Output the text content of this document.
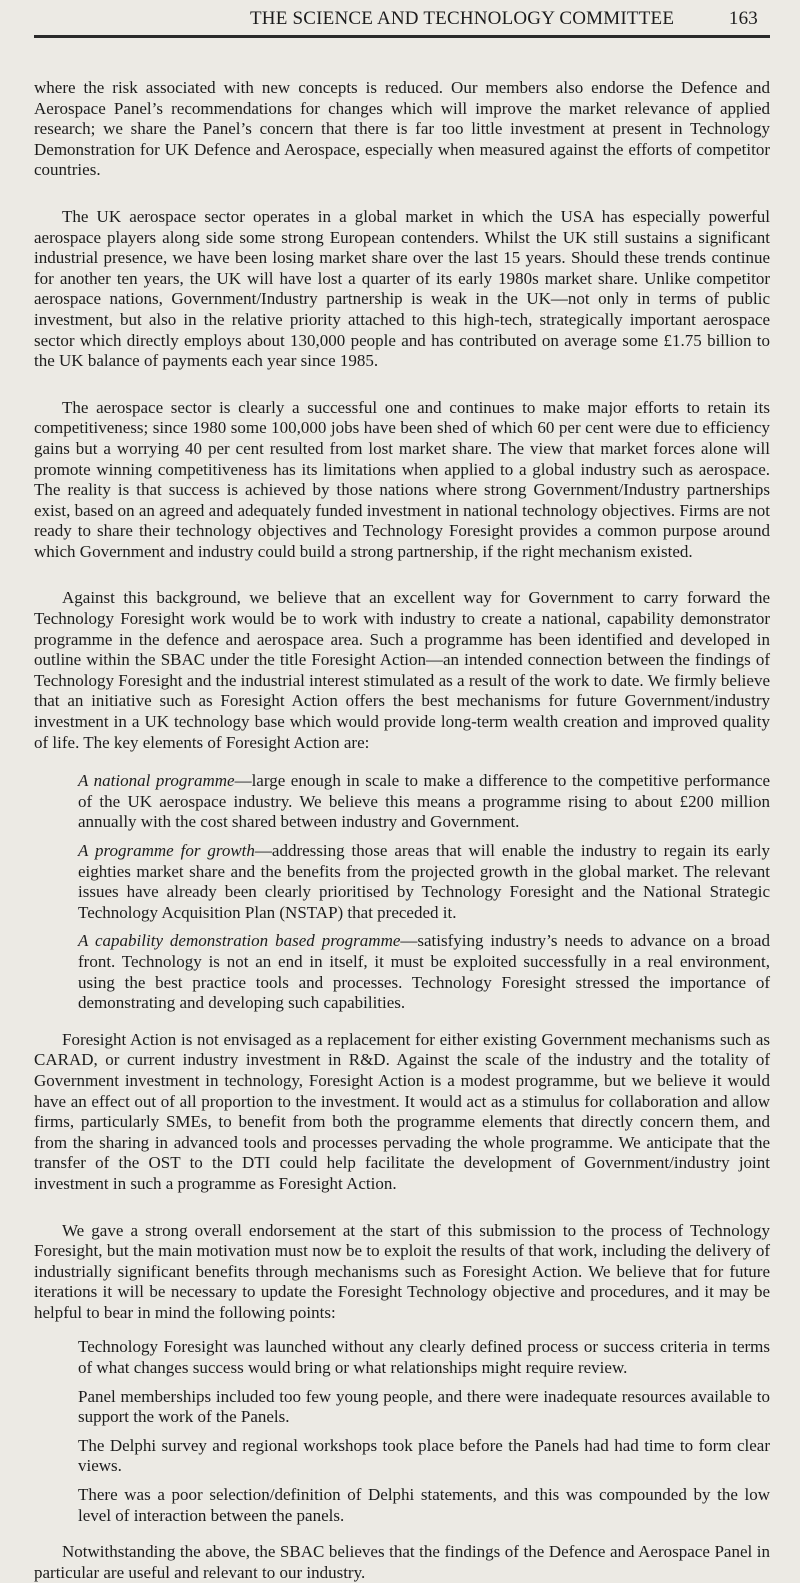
THE SCIENCE AND TECHNOLOGY COMMITTEE	163

where the risk associated with new concepts is reduced. Our members also endorse the Defence and Aerospace Panel’s recommendations for changes which will improve the market relevance of applied research; we share the Panel’s concern that there is far too little investment at present in Technology Demonstration for UK Defence and Aerospace, especially when measured against the efforts of competitor countries.

The UK aerospace sector operates in a global market in which the USA has especially powerful aerospace players along side some strong European contenders. Whilst the UK still sustains a significant industrial presence, we have been losing market share over the last 15 years. Should these trends continue for another ten years, the UK will have lost a quarter of its early 1980s market share. Unlike competitor aerospace nations, Government/Industry partnership is weak in the UK—not only in terms of public investment, but also in the relative priority attached to this high-tech, strategically important aerospace sector which directly employs about 130,000 people and has contributed on average some £1.75 billion to the UK balance of payments each year since 1985.

The aerospace sector is clearly a successful one and continues to make major efforts to retain its competitiveness; since 1980 some 100,000 jobs have been shed of which 60 per cent were due to efficiency gains but a worrying 40 per cent resulted from lost market share. The view that market forces alone will promote winning competitiveness has its limitations when applied to a global industry such as aerospace. The reality is that success is achieved by those nations where strong Government/Industry partnerships exist, based on an agreed and adequately funded investment in national technology objectives. Firms are not ready to share their technology objectives and Technology Foresight provides a common purpose around which Government and industry could build a strong partnership, if the right mechanism existed.

Against this background, we believe that an excellent way for Government to carry forward the Technology Foresight work would be to work with industry to create a national, capability demonstrator programme in the defence and aerospace area. Such a programme has been identified and developed in outline within the SBAC under the title Foresight Action—an intended connection between the findings of Technology Foresight and the industrial interest stimulated as a result of the work to date. We firmly believe that an initiative such as Foresight Action offers the best mechanisms for future Government/industry investment in a UK technology base which would provide long-term wealth creation and improved quality of life. The key elements of Foresight Action are:

A national programme—large enough in scale to make a difference to the competitive performance of the UK aerospace industry. We believe this means a programme rising to about £200 million annually with the cost shared between industry and Government.
A programme for growth—addressing those areas that will enable the industry to regain its early eighties market share and the benefits from the projected growth in the global market. The relevant issues have already been clearly prioritised by Technology Foresight and the National Strategic Technology Acquisition Plan (NSTAP) that preceded it.
A capability demonstration based programme—satisfying industry’s needs to advance on a broad front. Technology is not an end in itself, it must be exploited successfully in a real environment, using the best practice tools and processes. Technology Foresight stressed the importance of demonstrating and developing such capabilities.

Foresight Action is not envisaged as a replacement for either existing Government mechanisms such as CARAD, or current industry investment in R&D. Against the scale of the industry and the totality of Government investment in technology, Foresight Action is a modest programme, but we believe it would have an effect out of all proportion to the investment. It would act as a stimulus for collaboration and allow firms, particularly SMEs, to benefit from both the programme elements that directly concern them, and from the sharing in advanced tools and processes pervading the whole programme. We anticipate that the transfer of the OST to the DTI could help facilitate the development of Government/industry joint investment in such a programme as Foresight Action.

We gave a strong overall endorsement at the start of this submission to the process of Technology Foresight, but the main motivation must now be to exploit the results of that work, including the delivery of industrially significant benefits through mechanisms such as Foresight Action. We believe that for future iterations it will be necessary to update the Foresight Technology objective and procedures, and it may be helpful to bear in mind the following points:

Technology Foresight was launched without any clearly defined process or success criteria in terms of what changes success would bring or what relationships might require review.
Panel memberships included too few young people, and there were inadequate resources available to support the work of the Panels.
The Delphi survey and regional workshops took place before the Panels had had time to form clear views.
There was a poor selection/definition of Delphi statements, and this was compounded by the low level of interaction between the panels.

Notwithstanding the above, the SBAC believes that the findings of the Defence and Aerospace Panel in particular are useful and relevant to our industry.
